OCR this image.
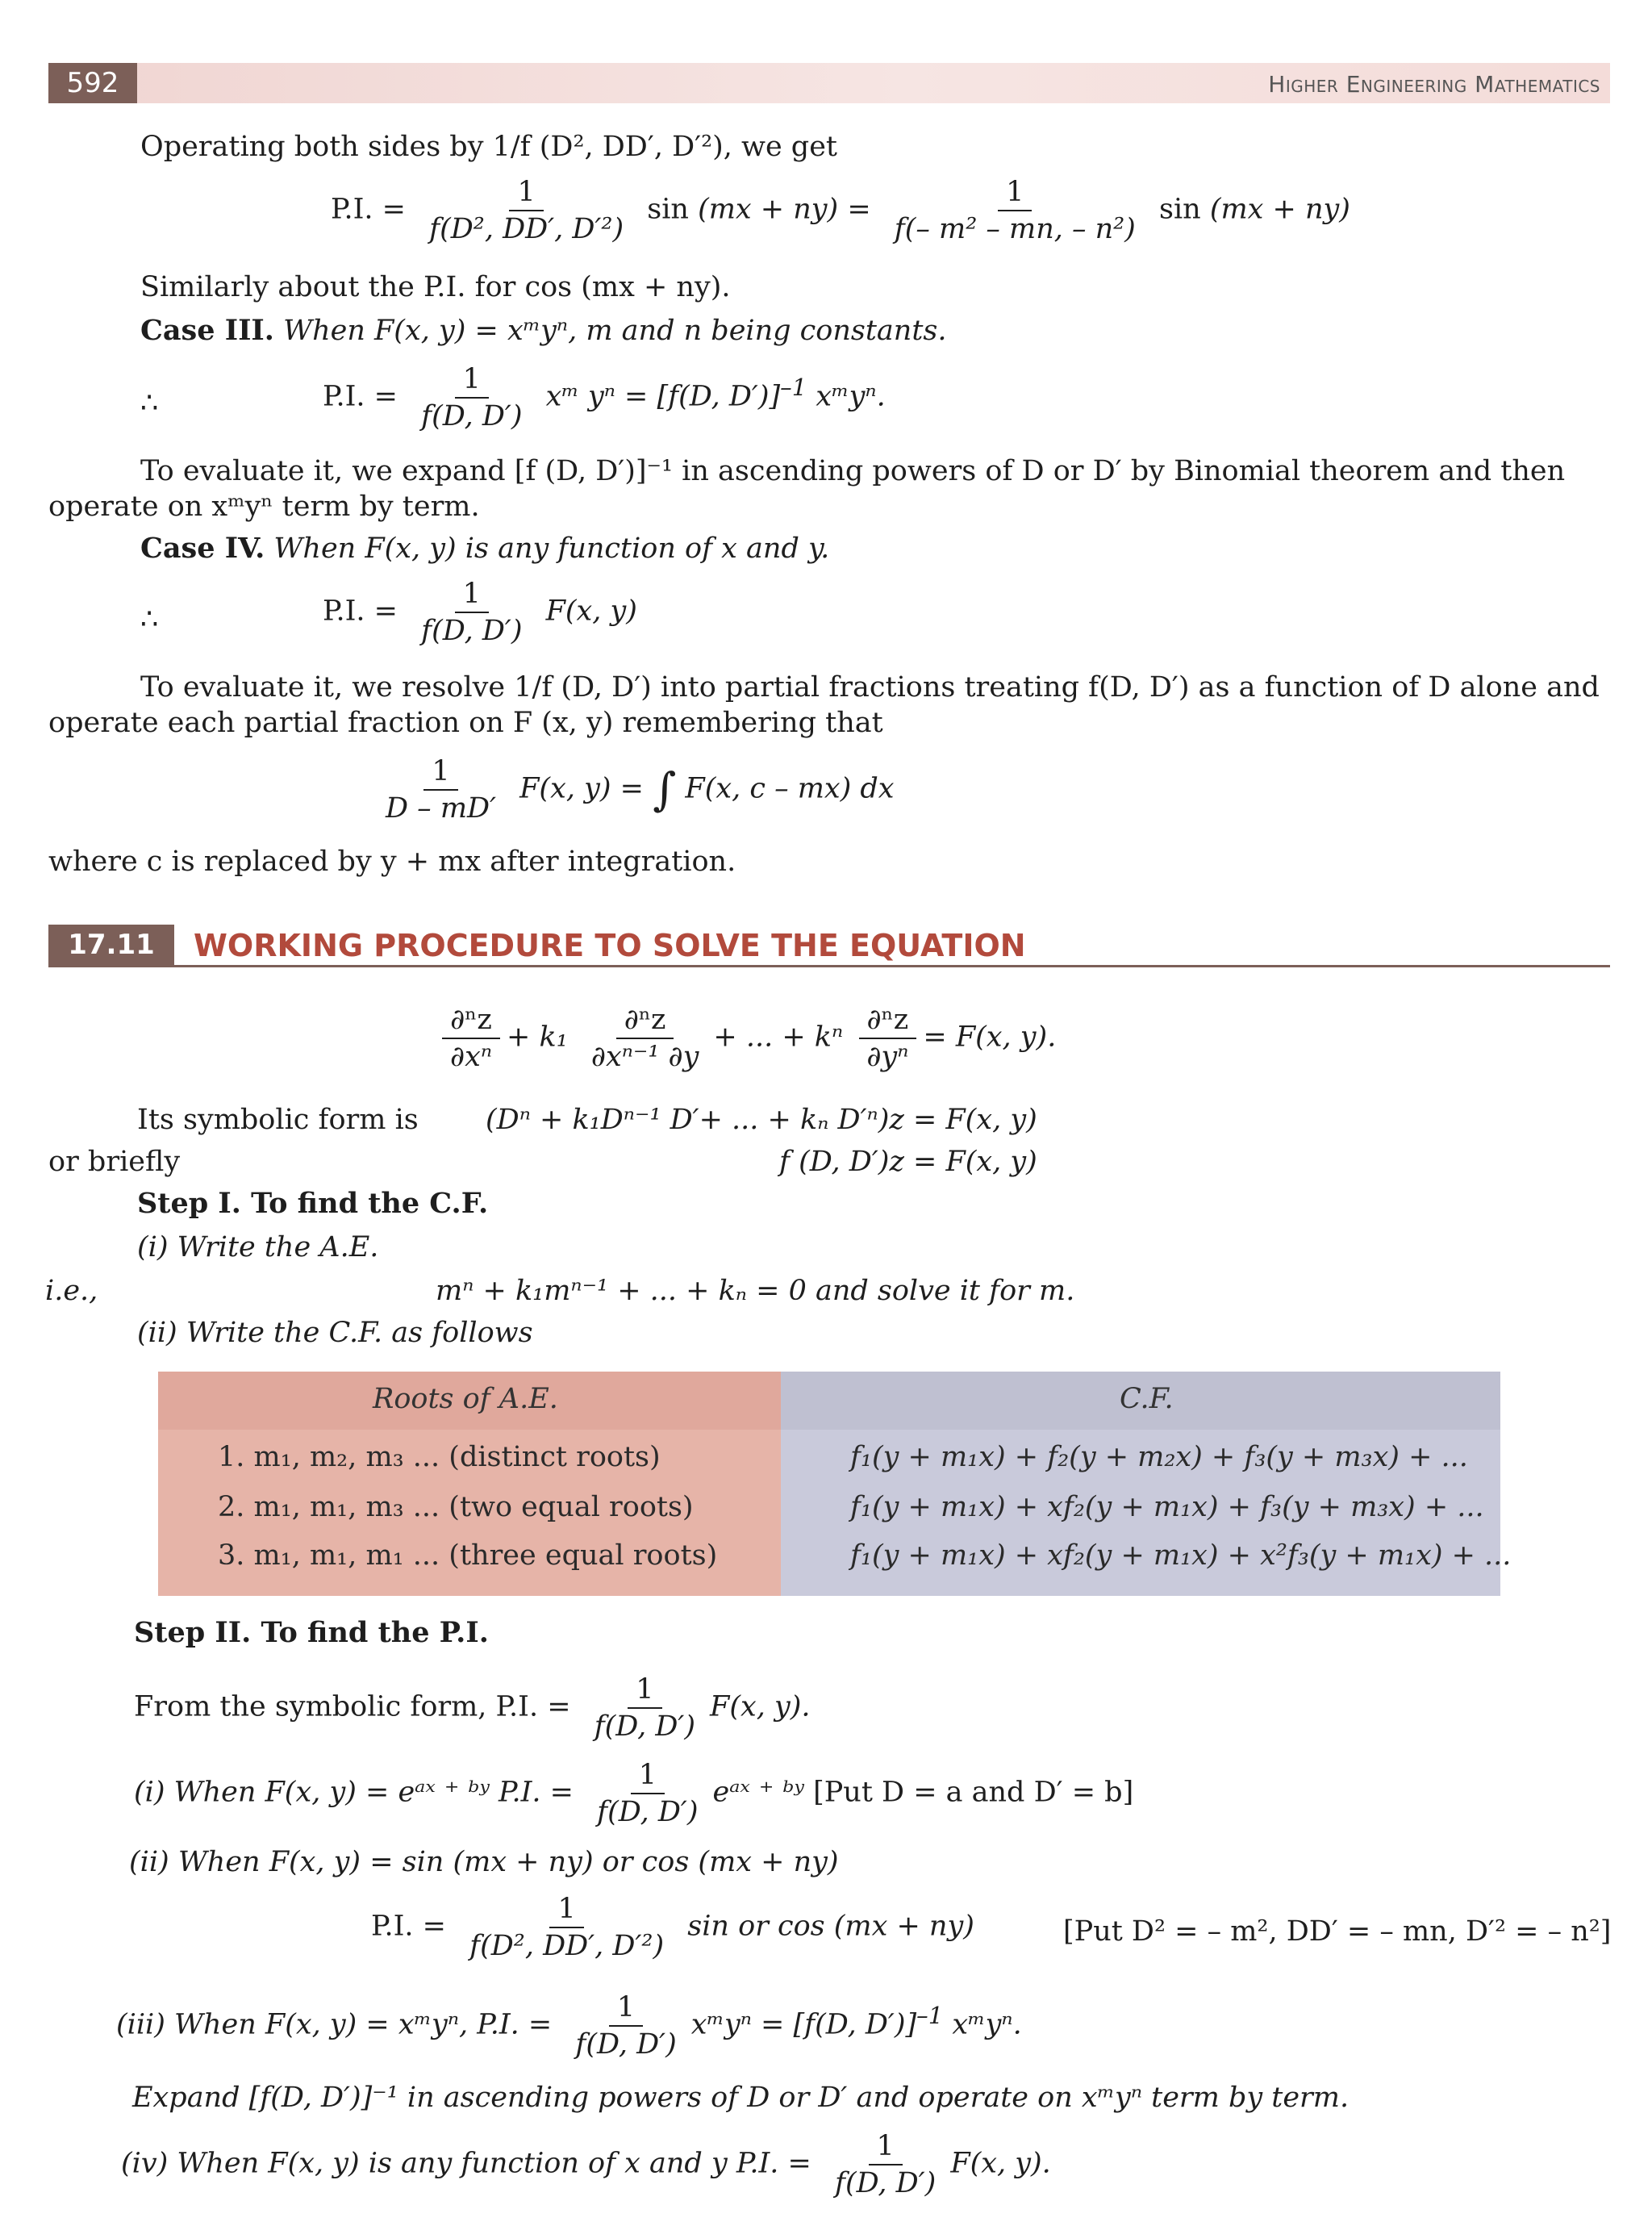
592	Higher Engineering Mathematics
Operating both sides by 1/f (D², DD′, D′²), we get
P.I. = $\frac{1}{\text{f(D², DD′, D′²)}}$ $\sin (mx + ny) = \frac{1}{\text{f(– m² – mn, – n²)}}$ sin (mx + ny)
Similarly about the P.I. for cos (mx + ny).
Case III. When F(x, y) = xᵐyⁿ, m and n being constants.
∴	P.I. = $\frac{1}{f(D, D')}$ xᵐ yⁿ = [f(D, D′)]$^{-1}$ xᵐyⁿ.
To evaluate it, we expand [f (D, D′)]⁻¹ in ascending powers of D or D′ by Binomial theorem and then
operate on xᵐyⁿ term by term.
Case IV. When F(x, y) is any function of x and y.
∴	P.I. = $\frac{1}{f(D, D')} F(x$, y)
To evaluate it, we resolve 1/f (D, D′) into partial fractions treating f(D, D′) as a function of D alone and
operate each partial fraction on F (x, y) remembering that
$\frac{1}{D - mD'} F(x$, y) = ∫ F(x, c – mx) dx
where c is replaced by y + mx after integration.
17.11	WORKING PROCEDURE TO SOLVE THE EQUATION
$\frac{\text{∂ⁿz}}{\text{∂xⁿ}} + k_1 \frac{\text{∂ⁿz}}{\text{∂xⁿ⁻¹ ∂y}}$ + ... + kⁿ $\frac{\text{∂ⁿz}}{\text{∂yⁿ}} = F(x$, y).
Its symbolic form is (Dⁿ + k₁Dⁿ⁻¹ D′+ ... + kₙ D′ⁿ)z = F(x, y)
or briefly	f (D, D′)z = F(x, y)
Step I. To find the C.F.
(i) Write the A.E.
i.e.,	mⁿ + k₁mⁿ⁻¹ + ... + kₙ = 0 and solve it for m.
(ii) Write the C.F. as follows
Roots of A.E.	C.F.
1. m₁, m₂, m₃ ... (distinct roots)	f₁(y + m₁x) + f₂(y + m₂x) + f₃(y + m₃x) + ...
2. m₁, m₁, m₃ ... (two equal roots)	f₁(y + m₁x) + xf₂(y + m₁x) + f₃(y + m₃x) + ...
3. m₁, m₁, m₁ ... (three equal roots)	f₁(y + m₁x) + xf₂(y + m₁x) + x²f₃(y + m₁x) + ...
Step II. To find the P.I.
From the symbolic form, P.I. = $\frac{1}{f(D, D')} F(x$, y).
(i) When F(x, y) = eᵃˣ ⁺ ᵇʸ P.I. = $\frac{1}{f(D, D')}$ eᵃˣ ⁺ ᵇʸ [Put D = a and D′ = b]
(ii) When F(x, y) = sin (mx + ny) or cos (mx + ny)
P.I. = $\frac{1}{\text{f(D², DD′, D′²)}}$ sin or cos (mx + ny)	[Put D² = – m², DD′ = – mn, D′² = – n²]
(iii) When F(x, y) = xᵐyⁿ, P.I. = $\frac{1}{f(D, D')}$ xᵐyⁿ = [f(D, D′)]$^{-1}$ xᵐyⁿ.
Expand [f(D, D′)]⁻¹ in ascending powers of D or D′ and operate on xᵐyⁿ term by term.
(iv) When F(x, y) is any function of x and y P.I. = $\frac{1}{f(D, D')} F(x$, y).
